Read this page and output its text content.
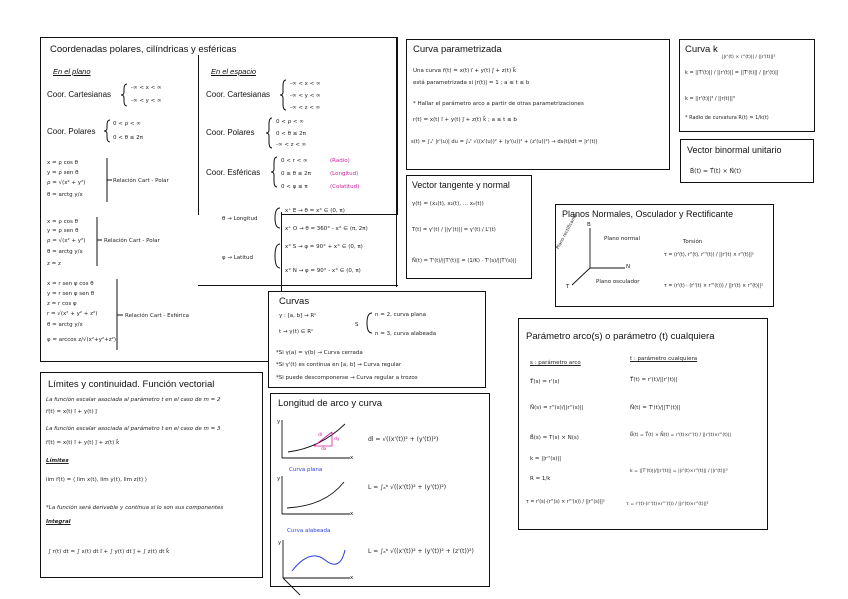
Coordenadas polares, cilíndricas y esféricas
En el plano	En el espacio
Coor. Cartesianas
-∞ < x < ∞
-∞ < y < ∞
Coor. Polares
0 < ρ < ∞
0 < θ ≤ 2π
x = ρ cos θ
y = ρ sen θ
ρ = √(x² + y²)
θ = arctg y/x
Relación Cart - Polar
Coor. Cartesianas
-∞ < x < ∞
-∞ < y < ∞
-∞ < z < ∞
Coor. Polares
0 < ρ < ∞
0 < θ ≤ 2π
-∞ < z < ∞
Coor. Esféricas
0 < r < ∞
0 ≤ θ ≤ 2π
0 < φ ≤ π
(Radio)
(Longitud)
(Colatitud)
θ → Longitud
x⁺ E → θ = x° ∈ (0, π)
x⁺ O → θ = 360° - x° ∈ (π, 2π)
φ → Latitud
x° S → φ = 90° + x° ∈ (0, π)
x° N → φ = 90° - x° ∈ (0, π)
x = ρ cos θ
y = ρ sen θ
ρ = √(x² + y²)
θ = arctg y/x
z = z
Relación Cart - Polar
x = r sen φ cos θ
y = r sen φ sen θ
z = r cos φ
r = √(x² + y² + z²)
θ = arctg y/x
φ = arccos z/√(x²+y²+z²)
Relación Cart - Esférica
Límites y continuidad. Función vectorial
La función escalar asociada al parámetro t en el caso de m = 2
r⃗(t) = x(t) i⃗ + y(t) j⃗
La función escalar asociada al parámetro t en el caso de m = 3
r⃗(t) = x(t) i⃗ + y(t) j⃗ + z(t) k⃗
Límites
lim r⃗(t) = ⟨ lim x(t), lim y(t), lim z(t) ⟩
*La función será derivable y continua si lo son sus componentes
Integral
∫ r(t) dt = ∫ x(t) dt i⃗ + ∫ y(t) dt j⃗ + ∫ z(t) dt k⃗
Curvas
γ : [a, b] → Rⁿ
t → γ(t) ∈ Rⁿ
S
n = 2, curva plana
n = 3, curva alabeada
*Si γ(a) = γ(b) → Curva cerrada
*Si γ'(t) es continua en [a, b] → Curva regular
*Si puede descomponerse → Curva regular a trozos
Longitud de arco y curva
dl = √((x'(t))² + (y'(t))²)
Curva plana
L = ∫ₐᵇ √((x'(t))² + (y'(t))²)
Curva alabeada
L = ∫ₐᵇ √((x'(t))² + (y'(t))² + (z'(t))²)
y
x
y
x
y
x
dl
dy
dx
Curva parametrizada
Una curva r⃗(t) = x(t) i⃗ + y(t) j⃗ + z(t) k⃗
está parametrizada si |r(t)| = 1 ; a ≤ t ≤ b
* Hallar el parámetro arco a partir de otras parametrizaciones
r(t) = x(t) i⃗ + y(t) j⃗ + z(t) k⃗ ; a ≤ t ≤ b
s(t) = ∫ₐᵗ |r'(u)| du = ∫ₐᵗ √((x'(u))² + (y'(u))² + (z'(u))²) → ds(t)/dt = |r'(t)|
Vector tangente y normal
γ(t) = (x₁(t), x₂(t), ... xₙ(t))
T(t) = γ'(t) / ||γ'(t)|| = γ'(t) / L'(t)
N⃗(t) = T'(t)/||T'(t)|| = (1/K) · T'(s)/||T'(s)||
Curva k
k = ||T'(t)|| / ||r'(t)|| = ||T'(t)|| / ||r'(t)||
||r'(t) × r''(t)|| / ||r'(t)||³
k = ||r'(t)||³ / ||r(t)||³
* Radio de curvatura R(t) = 1/k(t)
Vector binormal unitario
B⃗(t) = T⃗(t) × N⃗(t)
Planos Normales, Osculador y Rectificante
B
N
T
Plano normal
Plano rectificante
Plano osculador
Torsión
τ = (r'(t), r''(t), r'''(t)) / ||r'(t) × r''(t)||²
τ = (r'(t) · (r''(t) × r'''(t))) / ||r'(t) × r''(t)||²
Parámetro arco(s) o parámetro (t) cualquiera
s : parámetro arco
t : parámetro cualquiera
T⃗(s) = r'(s)
N⃗(s) = r''(s)/||r''(s)||
B⃗(s) = T(s) × N(s)
k = ||r''(s)||
R = 1/k
τ = r'(s)·(r''(s) × r'''(s)) / ||r''(s)||²
T⃗(t) = r'(t)/||r'(t)||
N⃗(t) = T'(t)/||T'(t)||
B⃗(t) = T⃗(t) × N⃗(t) = r'(t)×r''(t) / ||r'(t)×r''(t)||
k = ||T'(t)||/||r'(t)|| = ||r'(t)×r''(t)|| / ||r'(t)||³
τ = r'(t)·(r''(t)×r'''(t)) / ||r'(t)×r''(t)||²
